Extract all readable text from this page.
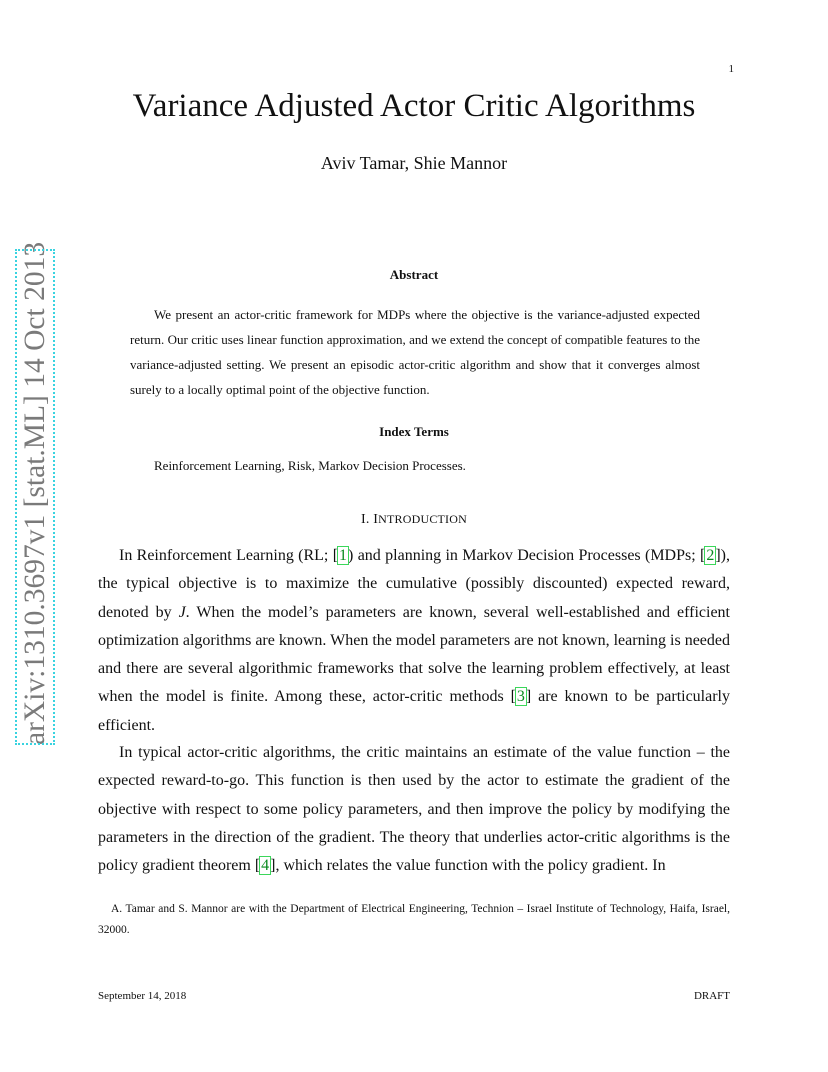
1
arXiv:1310.3697v1 [stat.ML] 14 Oct 2013
Variance Adjusted Actor Critic Algorithms
Aviv Tamar, Shie Mannor
Abstract

We present an actor-critic framework for MDPs where the objective is the variance-adjusted expected return. Our critic uses linear function approximation, and we extend the concept of compatible features to the variance-adjusted setting. We present an episodic actor-critic algorithm and show that it converges almost surely to a locally optimal point of the objective function.

Index Terms
Reinforcement Learning, Risk, Markov Decision Processes.
I. INTRODUCTION

In Reinforcement Learning (RL; [1) and planning in Markov Decision Processes (MDPs; [2]), the typical objective is to maximize the cumulative (possibly discounted) expected reward, denoted by J. When the model’s parameters are known, several well-established and efficient optimization algorithms are known. When the model parameters are not known, learning is needed and there are several algorithmic frameworks that solve the learning problem effectively, at least when the model is finite. Among these, actor-critic methods [3] are known to be particularly efficient.

In typical actor-critic algorithms, the critic maintains an estimate of the value function – the expected reward-to-go. This function is then used by the actor to estimate the gradient of the objective with respect to some policy parameters, and then improve the policy by modifying the parameters in the direction of the gradient. The theory that underlies actor-critic algorithms is the policy gradient theorem [4], which relates the value function with the policy gradient. In

A. Tamar and S. Mannor are with the Department of Electrical Engineering, Technion – Israel Institute of Technology, Haifa, Israel, 32000.

September 14, 2018	DRAFT
